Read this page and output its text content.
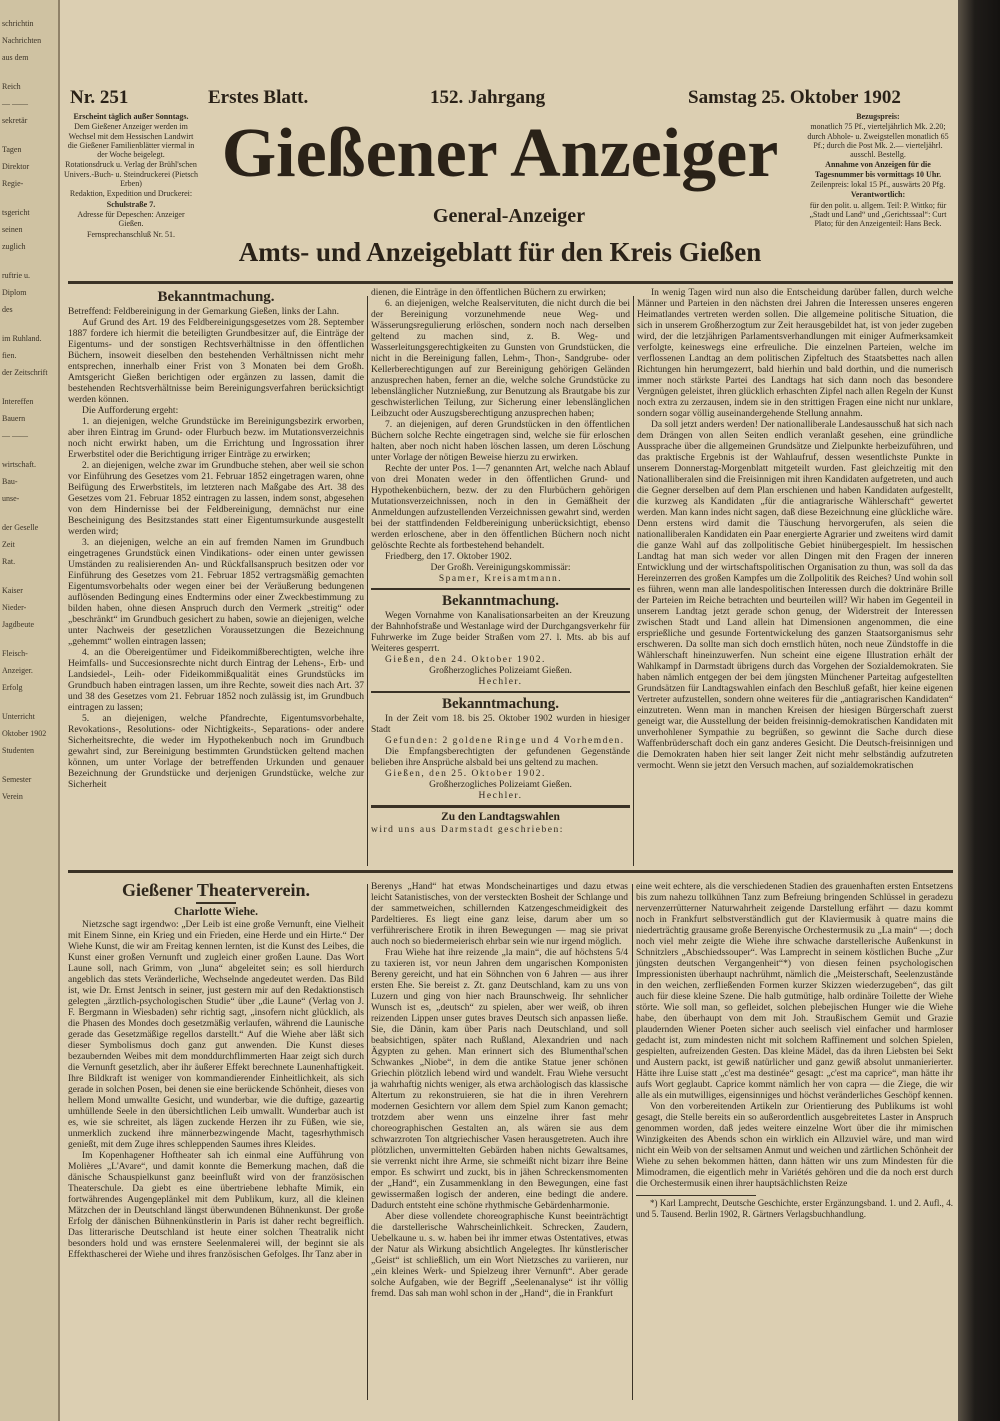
schrichtin

Nachrichten

aus dem

Reich

— ——

sekretär

Tagen

Direktor

Regie-

tsgericht

seinen

zuglich

ruftrie u.

Diplom

des

im Ruhland.

fien.

der Zeitschrift

Intereffen

Bauern

— ——

wirtschaft.

Bau-

unse-

der Geselle

Zeit

Rat.

Kaiser

Nieder-

Jagdbeute

Fleisch-

Anzeiger.

Erfolg

Unterricht

Oktober 1902

Studenten

Semester

Verein

Nr. 251	Erstes Blatt.	152. Jahrgang	Samstag 25. Oktober 1902

Erscheint täglich außer Sonntags.

Dem Gießener Anzeiger werden im Wechsel mit dem Hessischen Landwirt die Gießener Familienblätter viermal in der Woche beigelegt.

Rotationsdruck u. Verlag der Brühl'schen Univers.-Buch- u. Steindruckerei (Pietsch Erben)

Redaktion, Expedition und Druckerei:

Schulstraße 7.

Adresse für Depeschen: Anzeiger Gießen.

Fernsprechanschluß Nr. 51.

Bezugspreis:

monatlich 75 Pf., vierteljährlich Mk. 2.20; durch Abhole- u. Zweigstellen monatlich 65 Pf.; durch die Post Mk. 2.— vierteljährl. ausschl. Bestellg.

Annahme von Anzeigen für die Tagesnummer bis vormittags 10 Uhr.

Zeilenpreis: lokal 15 Pf., auswärts 20 Pfg.

Verantwortlich:

für den polit. u. allgem. Teil: P. Wittko; für „Stadt und Land“ und „Gerichtssaal“: Curt Plato; für den Anzeigenteil: Hans Beck.

Gießener Anzeiger
General-Anzeiger
Amts- und Anzeigeblatt für den Kreis Gießen
Bekanntmachung.

Betreffend: Feldbereinigung in der Gemarkung Gießen, links der Lahn.

Auf Grund des Art. 19 des Feldbereinigungsgesetzes vom 28. September 1887 fordere ich hiermit die beteiligten Grundbesitzer auf, die Einträge der Eigentums- und der sonstigen Rechtsverhältnisse in den öffentlichen Büchern, insoweit dieselben den bestehenden Verhältnissen nicht mehr entsprechen, innerhalb einer Frist von 3 Monaten bei dem Großh. Amtsgericht Gießen berichtigen oder ergänzen zu lassen, damit die bestehenden Rechtsverhältnisse beim Bereinigungsverfahren berücksichtigt werden können.

Die Aufforderung ergeht:

1. an diejenigen, welche Grundstücke im Bereinigungsbezirk erworben, aber ihren Eintrag im Grund- oder Flurbuch bezw. im Mutationsverzeichnis noch nicht erwirkt haben, um die Errichtung und Ingrossation ihrer Erwerbstitel oder die Berichtigung irriger Einträge zu erwirken;

2. an diejenigen, welche zwar im Grundbuche stehen, aber weil sie schon vor Einführung des Gesetzes vom 21. Februar 1852 eingetragen waren, ohne Beifügung des Erwerbstitels, im letzteren nach Maßgabe des Art. 38 des Gesetzes vom 21. Februar 1852 eintragen zu lassen, indem sonst, abgesehen von dem Hindernisse bei der Feldbereinigung, demnächst nur eine Bescheinigung des Besitzstandes statt einer Eigentumsurkunde ausgestellt werden wird;

3. an diejenigen, welche an ein auf fremden Namen im Grundbuch eingetragenes Grundstück einen Vindikations- oder einen unter gewissen Umständen zu realisierenden An- und Rückfallsanspruch besitzen oder vor Einführung des Gesetzes vom 21. Februar 1852 vertragsmäßig gemachten Eigentumsvorbehalts oder wegen einer bei der Veräußerung bedungenen auflösenden Bedingung eines Endtermins oder einer Zweckbestimmung zu bilden haben, ohne diesen Anspruch durch den Vermerk „streitig“ oder „beschränkt“ im Grundbuch gesichert zu haben, sowie an diejenigen, welche unter Nachweis der gesetzlichen Voraussetzungen die Bezeichnung „gehemmt“ wollen eintragen lassen;

4. an die Obereigentümer und Fideikommißberechtigten, welche ihre Heimfalls- und Succesionsrechte nicht durch Eintrag der Lehens-, Erb- und Landsiedel-, Leih- oder Fideikommißqualität eines Grundstücks im Grundbuch haben eintragen lassen, um ihre Rechte, soweit dies nach Art. 37 und 38 des Gesetzes vom 21. Februar 1852 noch zulässig ist, im Grundbuch eintragen zu lassen;

5. an diejenigen, welche Pfandrechte, Eigentumsvorbehalte, Revokations-, Resolutions- oder Nichtigkeits-, Separations- oder andere Sicherheitsrechte, die weder im Hypothekenbuch noch im Grundbuch gewahrt sind, zur Bereinigung bestimmten Grundstücken geltend machen können, um unter Vorlage der betreffenden Urkunden und genauer Bezeichnung der Grundstücke und derjenigen Grundstücke, welche zur Sicherheit

dienen, die Einträge in den öffentlichen Büchern zu erwirken;

6. an diejenigen, welche Realservituten, die nicht durch die bei der Bereinigung vorzunehmende neue Weg- und Wässerungsregulierung erlöschen, sondern noch nach derselben geltend zu machen sind, z. B. Weg- und Wasserleitungsgerechtigkeiten zu Gunsten von Grundstücken, die nicht in die Bereinigung fallen, Lehm-, Thon-, Sandgrube- oder Kellerberechtigungen auf zur Bereinigung gehörigen Geländen anzusprechen haben, ferner an die, welche solche Grundstücke zu lebenslänglicher Nutznießung, zur Benutzung als Brautgabe bis zur geschwisterlichen Teilung, zur Sicherung einer lebenslänglichen Leibzucht oder Auszugsberechtigung anzusprechen haben;

7. an diejenigen, auf deren Grundstücken in den öffentlichen Büchern solche Rechte eingetragen sind, welche sie für erloschen halten, aber noch nicht haben löschen lassen, um deren Löschung unter Vorlage der nötigen Beweise hierzu zu erwirken.

Rechte der unter Pos. 1—7 genannten Art, welche nach Ablauf von drei Monaten weder in den öffentlichen Grund- und Hypothekenbüchern, bezw. der zu den Flurbüchern gehörigen Mutationsverzeichnissen, noch in den in Gemäßheit der Anmeldungen aufzustellenden Verzeichnissen gewahrt sind, werden bei der stattfindenden Feldbereinigung unberücksichtigt, ebenso werden erloschene, aber in den öffentlichen Büchern noch nicht gelöschte Rechte als fortbestehend behandelt.

Friedberg, den 17. Oktober 1902.

Der Großh. Vereinigungskommissär:

Spamer, Kreisamtmann.

Bekanntmachung.

Wegen Vornahme von Kanalisationsarbeiten an der Kreuzung der Bahnhofstraße und Westanlage wird der Durchgangsverkehr für Fuhrwerke im Zuge beider Straßen vom 27. l. Mts. ab bis auf Weiteres gesperrt.

Gießen, den 24. Oktober 1902.

Großherzogliches Polizeiamt Gießen.

Hechler.

Bekanntmachung.

In der Zeit vom 18. bis 25. Oktober 1902 wurden in hiesiger Stadt

Gefunden: 2 goldene Ringe und 4 Vorhemden.

Die Empfangsberechtigten der gefundenen Gegenstände belieben ihre Ansprüche alsbald bei uns geltend zu machen.

Gießen, den 25. Oktober 1902.

Großherzogliches Polizeiamt Gießen.

Hechler.

Zu den Landtagswahlen

wird uns aus Darmstadt geschrieben:

In wenig Tagen wird nun also die Entscheidung darüber fallen, durch welche Männer und Parteien in den nächsten drei Jahren die Interessen unseres engeren Heimatlandes vertreten werden sollen. Die allgemeine politische Situation, die sich in unserem Großherzogtum zur Zeit herausgebildet hat, ist von jeder zugeben wird, der die letzjährigen Parlamentsverhandlungen mit einiger Aufmerksamkeit verfolgte, keineswegs eine erfreuliche. Die einzelnen Parteien, welche im verflossenen Landtag an dem politischen Zipfeltuch des Staatsbettes nach allen Richtungen hin herumgezerrt, bald hierhin und bald dorthin, und die numerisch immer noch stärkste Partei des Landtags hat sich dann noch das besondere Vergnügen geleistet, ihren glücklich erhaschten Zipfel nach allen Regeln der Kunst noch extra zu zerzausen, indem sie in den strittigen Fragen eine nicht nur unklare, sondern sogar völlig auseinandergehende Stellung annahm.

Da soll jetzt anders werden! Der nationalliberale Landesausschuß hat sich nach dem Drängen von allen Seiten endlich veranlaßt gesehen, eine gründliche Aussprache über die allgemeinen Grundsätze und Zielpunkte herbeizuführen, und das praktische Ergebnis ist der Wahlaufruf, dessen wesentlichste Punkte in unserem Donnerstag-Morgenblatt mitgeteilt wurden. Fast gleichzeitig mit den Nationalliberalen sind die Freisinnigen mit ihren Kandidaten aufgetreten, und auch die Gegner derselben auf dem Plan erschienen und haben Kandidaten aufgestellt, die kurzweg als Kandidaten „für die antiagrarische Wählerschaft“ gewertet werden. Man kann indes nicht sagen, daß diese Bezeichnung eine glückliche wäre. Denn erstens wird damit die Täuschung hervorgerufen, als seien die nationalliberalen Kandidaten ein Paar energierte Agrarier und zweitens wird damit die ganze Wahl auf das zollpolitische Gebiet hinübergespielt. Im hessischen Landtag hat man sich weder vor allen Dingen mit den Fragen der inneren Entwicklung und der wirtschaftspolitischen Organisation zu thun, was soll da das Hereinzerren des großen Kampfes um die Zollpolitik des Reiches? Und wohin soll es führen, wenn man alle landespolitischen Interessen durch die doktrinäre Brille der Parteien im Reiche betrachten und beurteilen will? Wir haben im Gegenteil in unserem Landtag jetzt gerade schon genug, der Widerstreit der Interessen zwischen Stadt und Land allein hat Dimensionen angenommen, die eine ersprießliche und gesunde Fortentwickelung des ganzen Staatsorganismus sehr erschweren. Da sollte man sich doch ernstlich hüten, noch neue Zündstoffe in die Wählerschaft hineinzuwerfen. Nun scheint eine eigene Illustration erhält der Wahlkampf in Darmstadt übrigens durch das Vorgehen der Sozialdemokraten. Sie haben nämlich entgegen der bei dem jüngsten Münchener Parteitag aufgestellten Grundsätzen für Landtagswahlen einfach den Beschluß gefaßt, hier keine eigenen Vertreter aufzustellen, sondern ohne weiteres für die „antiagrarischen Kandidaten“ einzutreten. Wenn man in manchen Kreisen der hiesigen Bürgerschaft zuerst geneigt war, die Ausstellung der beiden freisinnig-demokratischen Kandidaten mit unverhohlener Sympathie zu begrüßen, so gewinnt die Sache durch diese Waffenbrüderschaft doch ein ganz anderes Gesicht. Die Deutsch-freisinnigen und die Demokraten haben hier seit langer Zeit nicht mehr selbständig aufzutreten vermocht. Wenn sie jetzt den Versuch machen, auf sozialdemokratischen

Gießener Theaterverein.
Charlotte Wiehe.

Nietzsche sagt irgendwo: „Der Leib ist eine große Vernunft, eine Vielheit mit Einem Sinne, ein Krieg und ein Frieden, eine Herde und ein Hirte.“ Der Wiehe Kunst, die wir am Freitag kennen lernten, ist die Kunst des Leibes, die Kunst einer großen Vernunft und zugleich einer großen Laune. Das Wort Laune soll, nach Grimm, von „luna“ abgeleitet sein; es soll hierdurch angeblich das stets Veränderliche, Wechselnde angedeutet werden. Das Bild ist, wie Dr. Ernst Jentsch in seiner, just gestern mir auf den Redaktionstisch gelegten „ärztlich-psychologischen Studie“ über „die Laune“ (Verlag von J. F. Bergmann in Wiesbaden) sehr richtig sagt, „insofern nicht glücklich, als die Phasen des Mondes doch gesetzmäßig verlaufen, während die Launische gerade das Gesetzmäßige regellos darstellt.“ Auf die Wiehe aber läßt sich dieser Symbolismus doch ganz gut anwenden. Die Kunst dieses bezaubernden Weibes mit dem monddurchflimmerten Haar zeigt sich durch die Vernunft gesetzlich, aber ihr äußerer Effekt berechnete Launenhaftigkeit. Ihre Bildkraft ist weniger von kommandierender Einheitlichkeit, als sich gerade in solchen Posen, bei denen sie eine berückende Schönheit, dieses von hellem Mond umwallte Gesicht, und wunderbar, wie die duftige, gazeartig umhüllende Seele in den übersichtlichen Leib umwallt. Wunderbar auch ist es, wie sie schreitet, als lägen zuckende Herzen ihr zu Füßen, wie sie, unmerklich zuckend ihre männerbezwingende Macht, tagesrhythmisch genießt, mit dem Zuge ihres schleppenden Saumes ihres Kleides.

Im Kopenhagener Hoftheater sah ich einmal eine Aufführung von Molières „L'Avare“, und damit konnte die Bemerkung machen, daß die dänische Schauspielkunst ganz beeinflußt wird von der französischen Theaterschule. Da giebt es eine übertriebene lebhafte Mimik, ein fortwährendes Augengeplänkel mit dem Publikum, kurz, all die kleinen Mätzchen der in Deutschland längst überwundenen Bühnenkunst. Der große Erfolg der dänischen Bühnenkünstlerin in Paris ist daher recht begreiflich. Das litterarische Deutschland ist heute einer solchen Theatralik nicht besonders hold und was ernstere Seelenmalerei will, der beginnt sie als Effekthascherei der Wiehe und ihres französischen Gefolges. Ihr Tanz aber in

Berenys „Hand“ hat etwas Mondscheinartiges und dazu etwas leicht Satanistisches, von der versteckten Bosheit der Schlange und der sammetweichen, schillernden Katzengeschmeidigkeit des Pardeltieres. Es liegt eine ganz leise, darum aber um so verführerischere Erotik in ihren Bewegungen — mag sie privat auch noch so biedermeierisch ehrbar sein wie nur irgend möglich.

Frau Wiehe hat ihre reizende „la main“, die auf höchstens 5/4 zu taxieren ist, vor neun Jahren dem ungarischen Komponisten Bereny gereicht, und hat ein Söhnchen von 6 Jahren — aus ihrer ersten Ehe. Sie bereist z. Zt. ganz Deutschland, kam zu uns von Luzern und ging von hier nach Braunschweig. Ihr sehnlicher Wunsch ist es, „deutsch“ zu spielen, aber wer weiß, ob ihren reizenden Lippen unser gutes braves Deutsch sich anpassen ließe. Sie, die Dänin, kam über Paris nach Deutschland, und soll beabsichtigen, später nach Rußland, Alexandrien und nach Ägypten zu gehen. Man erinnert sich des Blumenthal'schen Schwankes „Niobe“, in dem die antike Statue jener schönen Griechin plötzlich lebend wird und wandelt. Frau Wiehe versucht ja wahrhaftig nichts weniger, als etwa archäologisch das klassische Altertum zu rekonstruieren, sie hat die in ihren Verehrern modernen Gesichtern vor allem dem Spiel zum Kanon gemacht; trotzdem aber wenn uns einzelne ihrer fast mehr choreographischen Gestalten an, als wären sie aus dem schwarzroten Ton altgriechischer Vasen herausgetreten. Auch ihre plötzlichen, unvermittelten Gebärden haben nichts Gewaltsames, sie verrenkt nicht ihre Arme, sie schmeißt nicht bizarr ihre Beine empor. Es schwirrt und zuckt, bis in jähen Schreckensmomenten der „Hand“, ein Zusammenklang in den Bewegungen, eine fast gewissermaßen logisch der anderen, eine bedingt die andere. Dadurch entsteht eine schöne rhythmische Gebärdenharmonie.

Aber diese vollendete choreographische Kunst beeinträchtigt die darstellerische Wahrscheinlichkeit. Schrecken, Zaudern, Uebelkaune u. s. w. haben bei ihr immer etwas Ostentatives, etwas der Natur als Wirkung absichtlich Angelegtes. Ihr künstlerischer „Geist“ ist schließlich, um ein Wort Nietzsches zu variieren, nur „ein kleines Werk- und Spielzeug ihrer Vernunft“. Aber gerade solche Aufgaben, wie der Begriff „Seelenanalyse“ ist ihr völlig fremd. Das sah man wohl schon in der „Hand“, die in Frankfurt

eine weit echtere, als die verschiedenen Stadien des grauenhaften ersten Entsetzens bis zum nahezu tollkühnen Tanz zum Befreiung bringenden Schlüssel in geradezu nervenzerrütterner Naturwahrheit zeigende Darstellung erfährt — dazu kommt noch in Frankfurt selbstverständlich gut der Klaviermusik à quatre mains die niederträchtig grausame große Berenyische Orchestermusik zu „La main“ —; doch noch viel mehr zeigte die Wiehe ihre schwache darstellerische Außenkunst in Schnitzlers „Abschiedssouper“. Was Lamprecht in seinem köstlichen Buche „Zur jüngsten deutschen Vergangenheit“*) von diesen feinen psychologischen Impressionisten überhaupt nachrühmt, nämlich die „Meisterschaft, Seelenzustände in den weichen, zerfließenden Formen kurzer Skizzen wiederzugeben“, das gilt auch für diese kleine Szene. Die halb gutmütige, halb ordinäre Toilette der Wiehe störte. Wie soll man, so gefleidet, solchen plebejischen Hunger wie die Wiehe habe, den überhaupt von dem mit Joh. Straußischem Gemüt und Grazie plaudernden Wiener Poeten sicher auch seelisch viel einfacher und harmloser gedacht ist, zum mindesten nicht mit solchem Raffinement und solchen Spielen, gespielten, aufreizenden Gesten. Das kleine Mädel, das da ihren Liebsten bei Sekt und Austern packt, ist gewiß natürlicher und ganz gewiß absolut unmanierierter. Hätte ihre Luise statt „c'est ma destinée“ gesagt: „c'est ma caprice“, man hätte ihr aufs Wort geglaubt. Caprice kommt nämlich her von capra — die Ziege, die wir alle als ein mutwilliges, eigensinniges und höchst veränderliches Geschöpf kennen.

Von den vorbereitenden Artikeln zur Orientierung des Publikums ist wohl gesagt, die Stelle bereits ein so außerordentlich ausgebreitetes Laster in Anspruch genommen worden, daß jedes weitere einzelne Wort über die ihr mimischen Winzigkeiten des Abends schon ein wirklich ein Allzuviel wäre, und man wird nicht ein Weib von der seltsamen Anmut und weichen und zärtlichen Schönheit der Wiehe zu sehen bekommen hätten, dann hätten wir uns zum Mindesten für die Mimodramen, die eigentlich mehr in Variétés gehören und die da noch erst durch die Orchestermusik einen ihrer hauptsächlichsten Reize

*) Karl Lamprecht, Deutsche Geschichte, erster Ergänzungsband. 1. und 2. Aufl., 4. und 5. Tausend. Berlin 1902, R. Gärtners Verlagsbuchhandlung.
